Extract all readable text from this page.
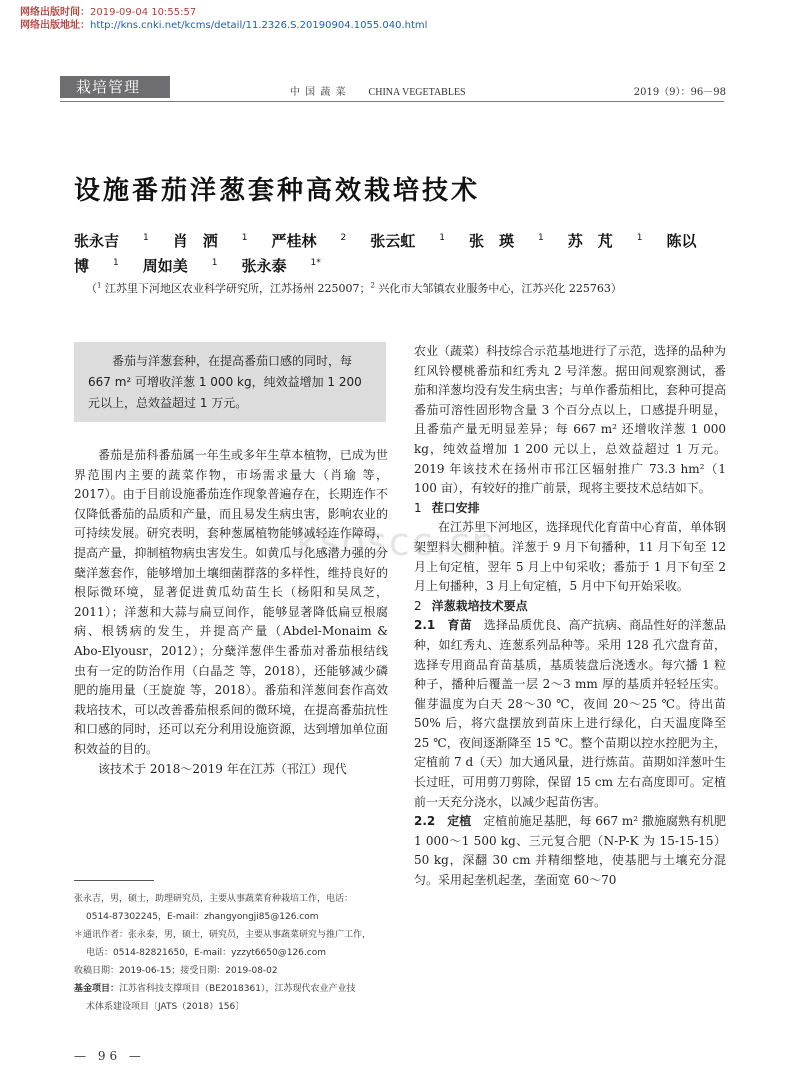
网络出版时间：2019-09-04 10:55:57
网络出版地址：http://kns.cnki.net/kcms/detail/11.2326.S.20190904.1055.040.html
栽培管理	中 国 蔬 菜 CHINA VEGETABLES	2019（9）：96－98
ksoscc.cn
设施番茄洋葱套种高效栽培技术
张永吉	$^1$ 肖　洒	$^1$ 严桂林	$^2$ 张云虹	$^1$ 张　瑛	$^1$ 苏　芃	$^1$ 陈以博	$^1$ 周如美	$^1$ 张永泰	$^{1*}$
（$^1$ 江苏里下河地区农业科学研究所，江苏扬州 225007；$^2$ 兴化市大邹镇农业服务中心，江苏兴化 225763）
番茄与洋葱套种，在提高番茄口感的同时，每 667 m² 可增收洋葱 1 000 kg，纯效益增加 1 200 元以上，总效益超过 1 万元。

番茄是茄科番茄属一年生或多年生草本植物，已成为世界范围内主要的蔬菜作物，市场需求量大（肖瑜 等，2017）。由于目前设施番茄连作现象普遍存在，长期连作不仅降低番茄的品质和产量，而且易发生病虫害，影响农业的可持续发展。研究表明，套种葱属植物能够减轻连作障碍，提高产量，抑制植物病虫害发生。如黄瓜与化感潜力强的分蘖洋葱套作，能够增加土壤细菌群落的多样性，维持良好的根际微环境，显著促进黄瓜幼苗生长（杨阳和吴凤芝，2011）；洋葱和大蒜与扁豆间作，能够显著降低扁豆根腐病、根锈病的发生，并提高产量（Abdel-Monaim & Abo-Elyousr，2012）；分蘖洋葱伴生番茄对番茄根结线虫有一定的防治作用（白晶芝 等，2018），还能够减少磷肥的施用量（王旋旋 等，2018）。番茄和洋葱间套作高效栽培技术，可以改善番茄根系间的微环境，在提高番茄抗性和口感的同时，还可以充分利用设施资源，达到增加单位面积效益的目的。

该技术于 2018～2019 年在江苏（邗江）现代

农业（蔬菜）科技综合示范基地进行了示范，选择的品种为红风铃樱桃番茄和红秀丸 2 号洋葱。据田间观察测试，番茄和洋葱均没有发生病虫害；与单作番茄相比，套种可提高番茄可溶性固形物含量 3 个百分点以上，口感提升明显，且番茄产量无明显差异；每 667 m² 还增收洋葱 1 000 kg，纯效益增加 1 200 元以上，总效益超过 1 万元。2019 年该技术在扬州市邗江区辐射推广 73.3 hm²（1 100 亩），有较好的推广前景，现将主要技术总结如下。

1 茬口安排

在江苏里下河地区，选择现代化育苗中心育苗，单体钢架塑料大棚种植。洋葱于 9 月下旬播种，11 月下旬至 12 月上旬定植，翌年 5 月上中旬采收；番茄于 1 月下旬至 2 月上旬播种，3 月上旬定植，5 月中下旬开始采收。

2 洋葱栽培技术要点

2.1　育苗 选择品质优良、高产抗病、商品性好的洋葱品种，如红秀丸、连葱系列品种等。采用 128 孔穴盘育苗，选择专用商品育苗基质，基质装盘后浇透水。每穴播 1 粒种子，播种后覆盖一层 2～3 mm 厚的基质并轻轻压实。催芽温度为白天 28～30 ℃，夜间 20～25 ℃。待出苗 50% 后，将穴盘摆放到苗床上进行绿化，白天温度降至 25 ℃，夜间逐渐降至 15 ℃。整个苗期以控水控肥为主，定植前 7 d（天）加大通风量，进行炼苗。苗期如洋葱叶生长过旺，可用剪刀剪除，保留 15 cm 左右高度即可。定植前一天充分浇水，以减少起苗伤害。

2.2　定植 定植前施足基肥，每 667 m² 撒施腐熟有机肥 1 000～1 500 kg、三元复合肥（N-P-K 为 15-15-15）50 kg，深翻 30 cm 并精细整地，使基肥与土壤充分混匀。采用起垄机起垄，垄面宽 60～70

张永吉，男，硕士，助理研究员，主要从事蔬菜育种栽培工作，电话：

0514-87302245，E-mail：zhangyongji85@126.com

＊通讯作者：张永泰，男，硕士，研究员，主要从事蔬菜研究与推广工作，

电话：0514-82821650，E-mail：yzzyt6650@126.com

收稿日期：2019-06-15；接受日期：2019-08-02

基金项目：江苏省科技支撑项目（BE2018361），江苏现代农业产业技

术体系建设项目〔JATS（2018）156〕

— 96 —
